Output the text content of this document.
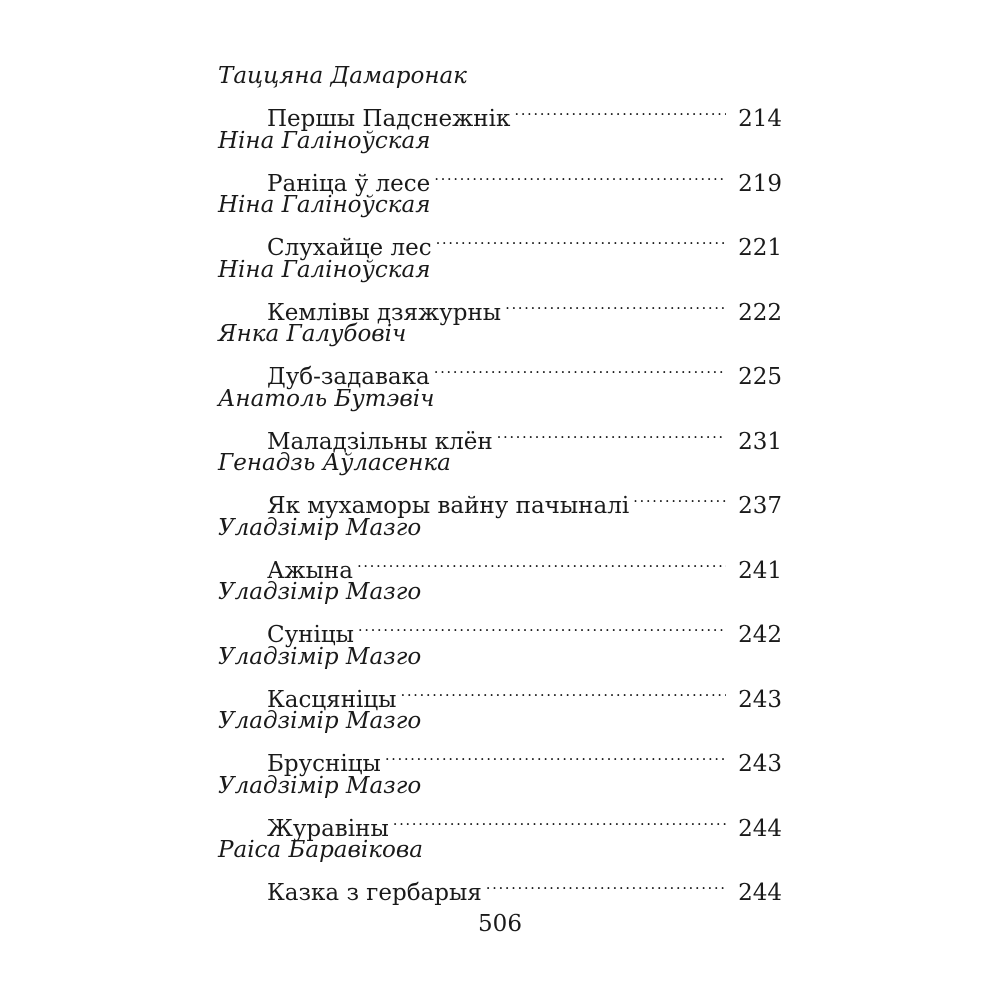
Таццяна Дамаронак
Першы Падснежнік . . .	214
Ніна Галіноўская
Раніца ў лесе . . .	219
Ніна Галіноўская
Слухайце лес . . .	221
Ніна Галіноўская
Кемлівы дзяжурны . . .	222
Янка Галубовіч
Дуб-задавака . . .	225
Анатоль Бутэвіч
Маладзільны клён . . .	231
Генадзь Аўласенка
Як мухаморы вайну пачыналі . . .	237
Уладзімір Мазго
Ажына . . .	241
Уладзімір Мазго
Суніцы . . .	242
Уладзімір Мазго
Касцяніцы . . .	243
Уладзімір Мазго
Брусніцы . . .	243
Уладзімір Мазго
Журавіны . . .	244
Раіса Баравікова
Казка з гербарыя . . .	244
506
